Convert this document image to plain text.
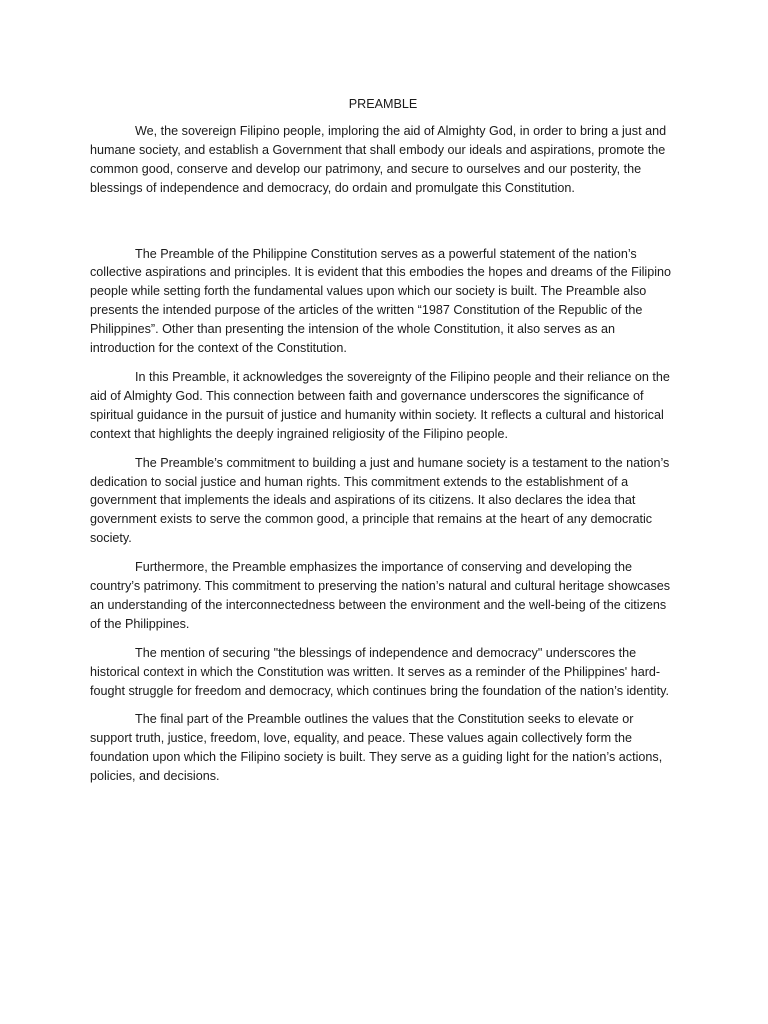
PREAMBLE

We, the sovereign Filipino people, imploring the aid of Almighty God, in order to bring a just and humane society, and establish a Government that shall embody our ideals and aspirations, promote the common good, conserve and develop our patrimony, and secure to ourselves and our posterity, the blessings of independence and democracy, do ordain and promulgate this Constitution.

The Preamble of the Philippine Constitution serves as a powerful statement of the nation’s collective aspirations and principles. It is evident that this embodies the hopes and dreams of the Filipino people while setting forth the fundamental values upon which our society is built. The Preamble also presents the intended purpose of the articles of the written “1987 Constitution of the Republic of the Philippines”. Other than presenting the intension of the whole Constitution, it also serves as an introduction for the context of the Constitution.

In this Preamble, it acknowledges the sovereignty of the Filipino people and their reliance on the aid of Almighty God. This connection between faith and governance underscores the significance of spiritual guidance in the pursuit of justice and humanity within society. It reflects a cultural and historical context that highlights the deeply ingrained religiosity of the Filipino people.

The Preamble’s commitment to building a just and humane society is a testament to the nation’s dedication to social justice and human rights. This commitment extends to the establishment of a government that implements the ideals and aspirations of its citizens. It also declares the idea that government exists to serve the common good, a principle that remains at the heart of any democratic society.

Furthermore, the Preamble emphasizes the importance of conserving and developing the country’s patrimony. This commitment to preserving the nation’s natural and cultural heritage showcases an understanding of the interconnectedness between the environment and the well-being of the citizens of the Philippines.

The mention of securing "the blessings of independence and democracy" underscores the historical context in which the Constitution was written. It serves as a reminder of the Philippines' hard-fought struggle for freedom and democracy, which continues bring the foundation of the nation’s identity.

The final part of the Preamble outlines the values that the Constitution seeks to elevate or support truth, justice, freedom, love, equality, and peace. These values again collectively form the foundation upon which the Filipino society is built. They serve as a guiding light for the nation’s actions, policies, and decisions.
